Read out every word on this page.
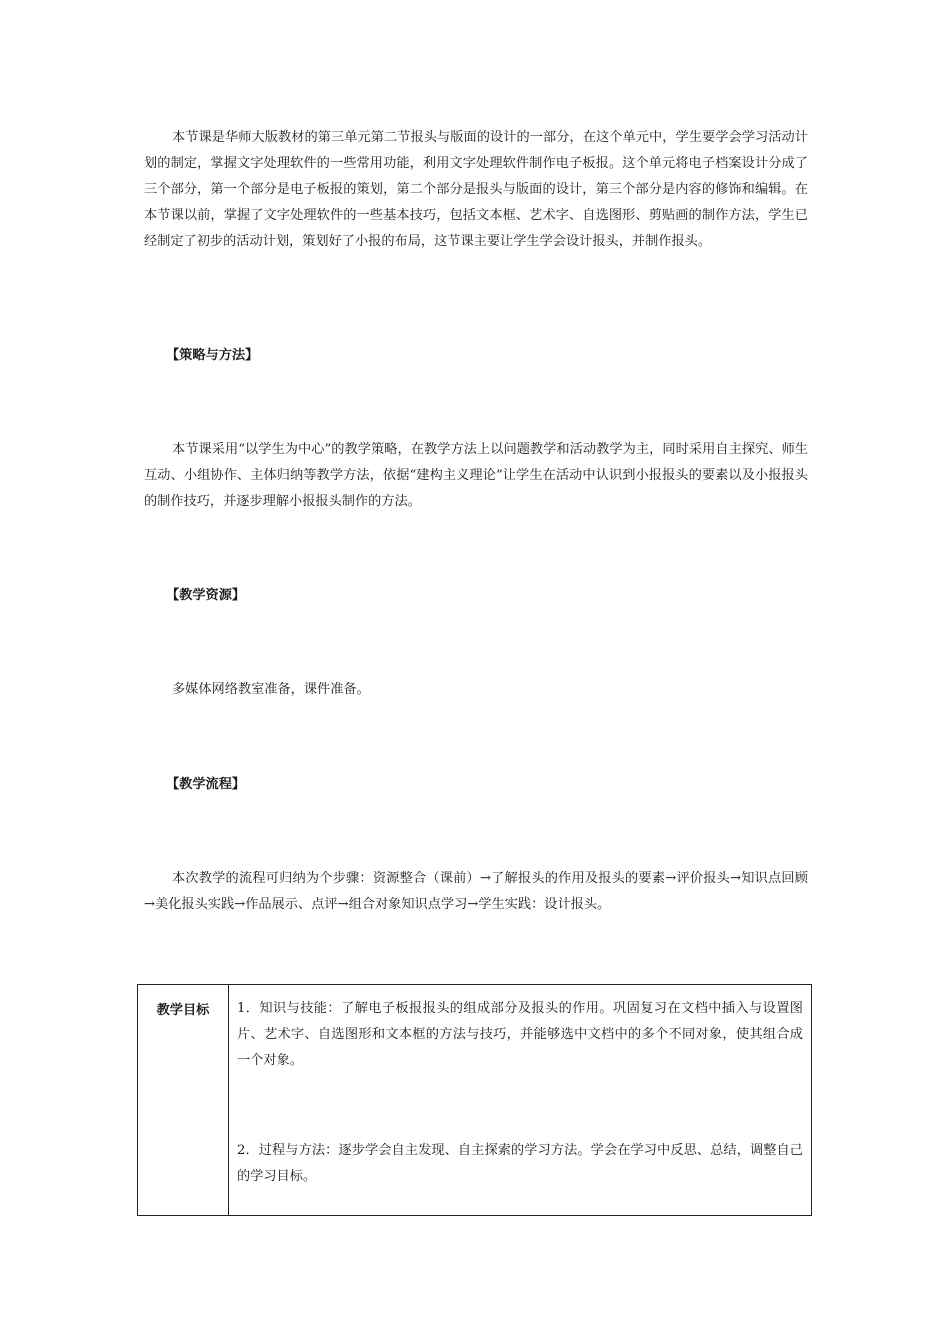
本节课是华师大版教材的第三单元第二节报头与版面的设计的一部分，在这个单元中，学生要学会学习活动计划的制定，掌握文字处理软件的一些常用功能，利用文字处理软件制作电子板报。这个单元将电子档案设计分成了三个部分，第一个部分是电子板报的策划，第二个部分是报头与版面的设计，第三个部分是内容的修饰和编辑。在本节课以前，掌握了文字处理软件的一些基本技巧，包括文本框、艺术字、自选图形、剪贴画的制作方法，学生已经制定了初步的活动计划，策划好了小报的布局，这节课主要让学生学会设计报头，并制作报头。

【策略与方法】

本节课采用“以学生为中心”的教学策略，在教学方法上以问题教学和活动教学为主，同时采用自主探究、师生互动、小组协作、主体归纳等教学方法，依据“建构主义理论”让学生在活动中认识到小报报头的要素以及小报报头的制作技巧，并逐步理解小报报头制作的方法。

【教学资源】

多媒体网络教室准备，课件准备。

【教学流程】

本次教学的流程可归纳为个步骤：资源整合（课前）→了解报头的作用及报头的要素→评价报头→知识点回顾→美化报头实践→作品展示、点评→组合对象知识点学习→学生实践：设计报头。

教学目标	1．知识与技能：了解电子板报报头的组成部分及报头的作用。巩固复习在文档中插入与设置图片、艺术字、自选图形和文本框的方法与技巧，并能够选中文档中的多个不同对象，使其组合成一个对象。

2．过程与方法：逐步学会自主发现、自主探索的学习方法。学会在学习中反思、总结，调整自己的学习目标。
